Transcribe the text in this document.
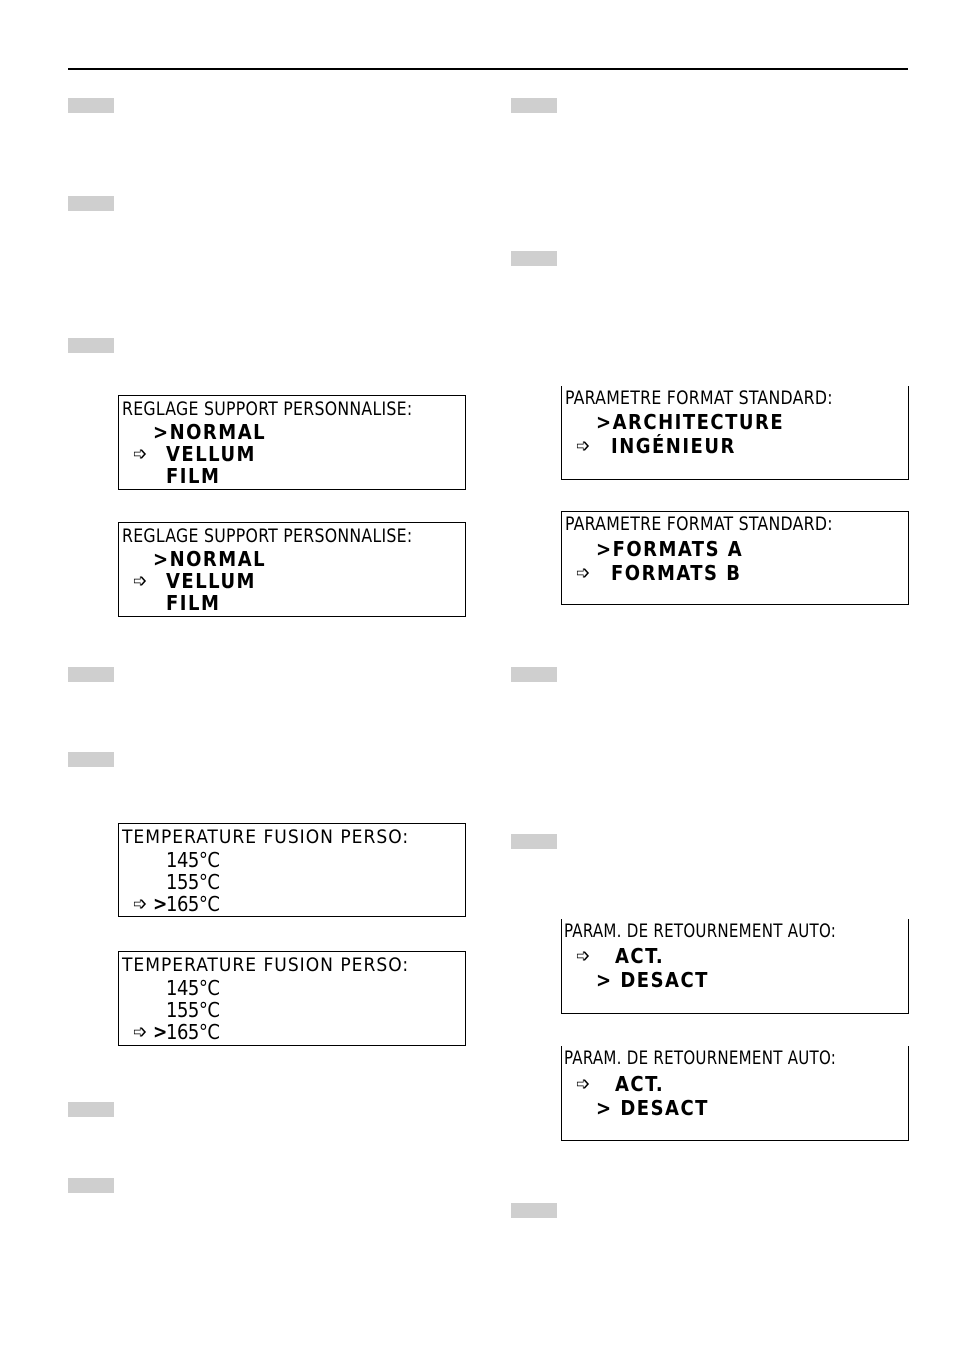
REGLAGE SUPPORT PERSONNALISE:
>NORMAL
➩ VELLUM
FILM
REGLAGE SUPPORT PERSONNALISE:
>NORMAL
➩ VELLUM
FILM
TEMPERATURE FUSION PERSO:
145°C
155°C
➩ >
165°C
TEMPERATURE FUSION PERSO:
145°C
155°C
➩ >
165°C
PARAMETRE FORMAT STANDARD:
>ARCHITECTURE
➩ INGÉNIEUR
PARAMETRE FORMAT STANDARD:
>FORMATS A
➩ FORMATS B
PARAM. DE RETOURNEMENT AUTO:
➩ ACT.
> DESACT
PARAM. DE RETOURNEMENT AUTO:
➩ ACT.
> DESACT
